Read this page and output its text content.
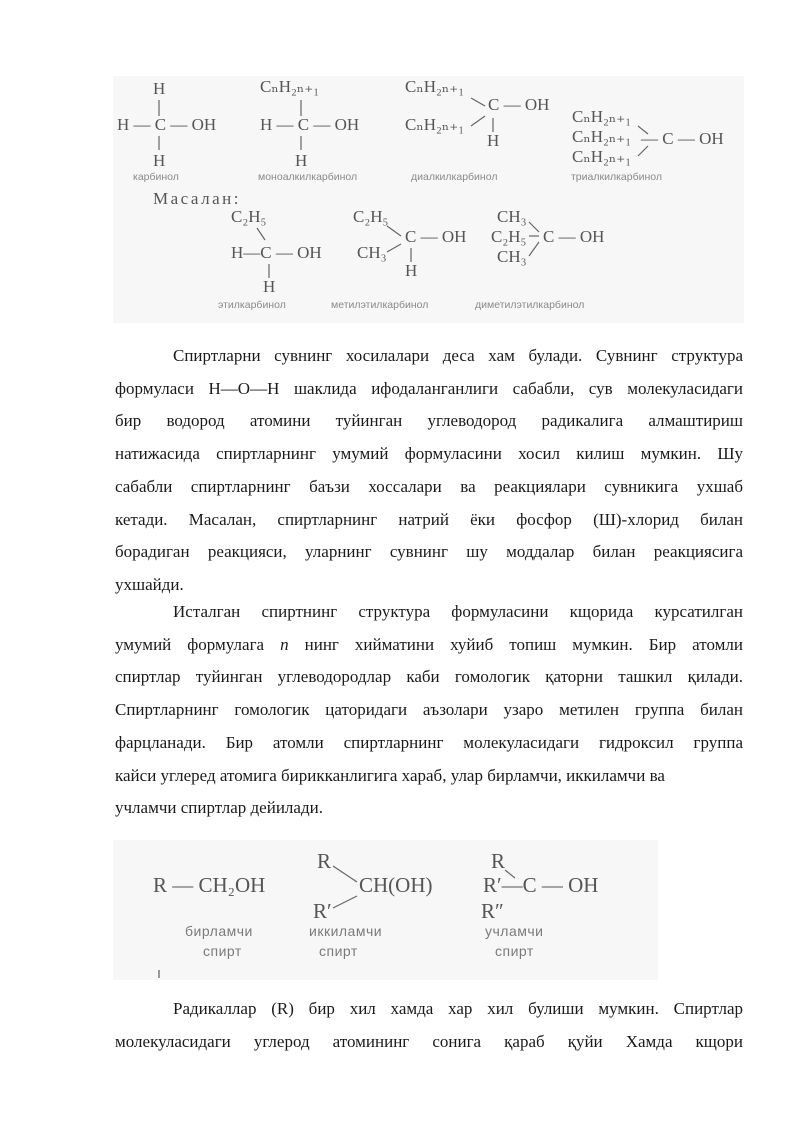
H
H — C — OH
H
карбинол
CₙH₂ₙ₊₁
H — C — OH
H
моноалкилкарбинол
CₙH₂ₙ₊₁
CₙH₂ₙ₊₁
C — OH
H
диалкилкарбинол
CₙH₂ₙ₊₁
CₙH₂ₙ₊₁
CₙH₂ₙ₊₁
— C — OH
триалкилкарбинол
Масалан:
C₂H₅
H—C — OH
H
этилкарбинол
C₂H₅
CH₃
C — OH
H
метилэтилкарбинол
CH₃
C₂H₅
CH₃
C — OH
диметилэтилкарбинол
Спиртларни сувнинг хосилалари деса хам булади. Сувнинг структура
формуласи Н—О—Н шаклида ифодаланганлиги сабабли, сув молекуласидаги
бир водород атомини туйинган углеводород радикалига алмаштириш
натижасида спиртларнинг умумий формуласини хосил килиш мумкин. Шу
сабабли спиртларнинг баъзи хоссалари ва реакциялари сувникига ухшаб
кетади. Масалан, спиртларнинг натрий ёки фосфор (Ш)-хлорид билан
борадиган реакцияси, уларнинг сувнинг шу моддалар билан реакциясига
ухшайди.
Исталган спиртнинг структура формуласини кщорида курсатилган
умумий формулага n нинг хийматини хуйиб топиш мумкин. Бир атомли
спиртлар туйинган углеводородлар каби гомологик қаторни ташкил қилади.
Спиртларнинг гомологик цаторидаги аъзолари узаро метилен группа билан
фарцланади. Бир атомли спиртларнинг молекуласидаги гидроксил группа
кайси углеред атомига бирикканлигига хараб, улар бирламчи, иккиламчи ва
учламчи спиртлар дейилади.
R — CH₂OH
бирламчи
спирт
R
CH(OH)
R′
иккиламчи
спирт
R
R′—C — OH
R″
учламчи
спирт
Радикаллар (R) бир хил хамда хар хил булиши мумкин. Спиртлар
молекуласидаги углерод атомининг сонига қараб қуйи Хамда кщори
